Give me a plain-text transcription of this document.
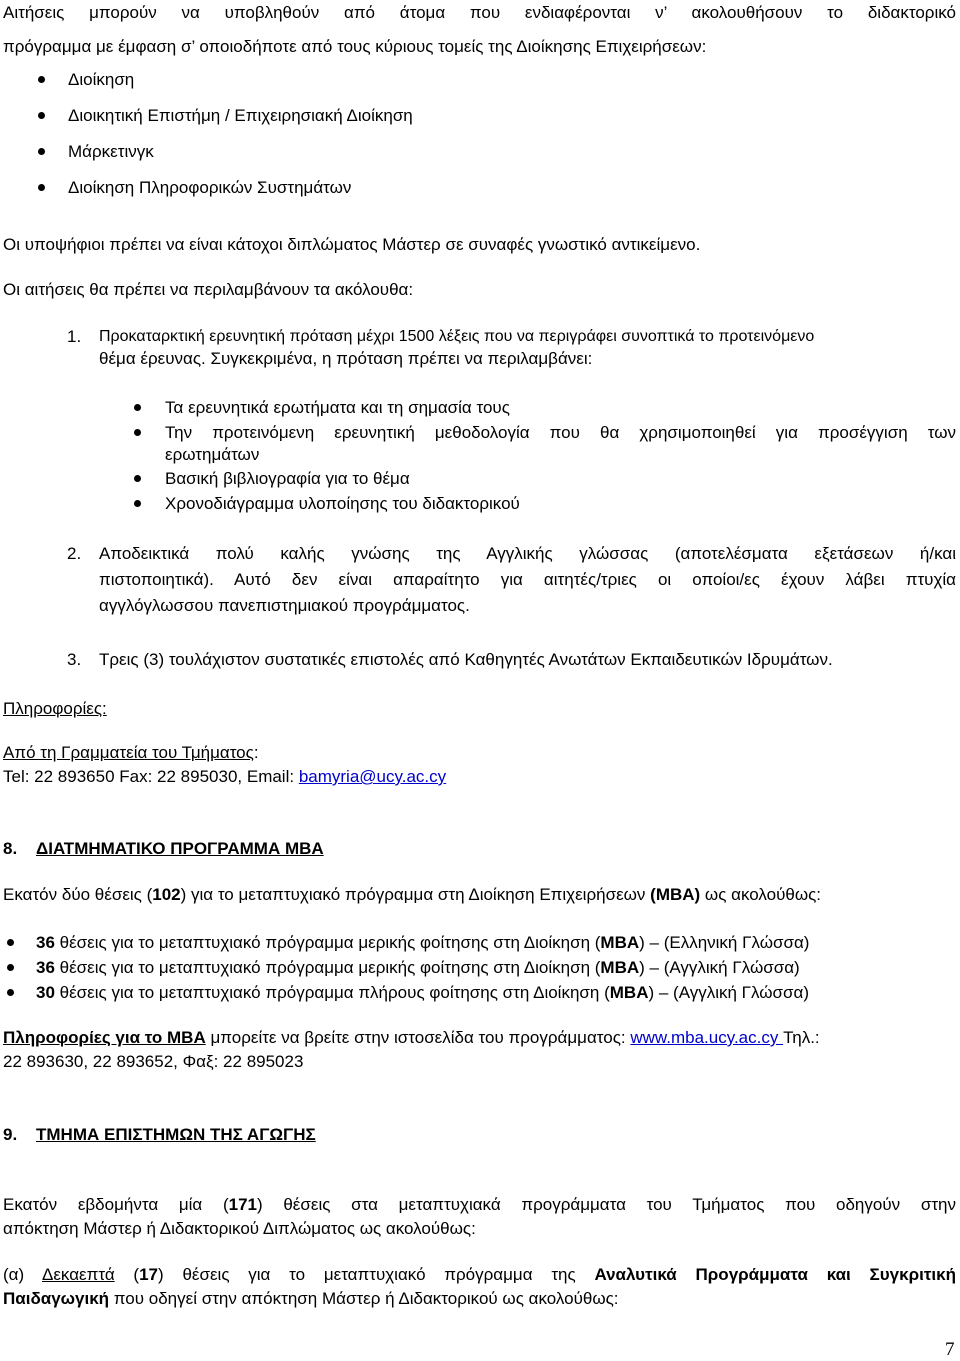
Αιτήσεις μπορούν να υποβληθούν από άτομα που ενδιαφέρονται ν’ ακολουθήσουν το διδακτορικό
πρόγραμμα με έμφαση σ’ οποιοδήποτε από τους κύριους τομείς της Διοίκησης Επιχειρήσεων:
Διοίκηση
Διοικητική Επιστήμη / Επιχειρησιακή Διοίκηση
Μάρκετινγκ
Διοίκηση Πληροφορικών Συστημάτων
Οι υποψήφιοι πρέπει να είναι κάτοχοι διπλώματος Μάστερ σε συναφές γνωστικό αντικείμενο.
Οι αιτήσεις θα πρέπει να περιλαμβάνουν τα ακόλουθα:
1. Προκαταρκτική ερευνητική πρόταση μέχρι 1500 λέξεις που να περιγράφει συνοπτικά το προτεινόμενο
θέμα έρευνας. Συγκεκριμένα, η πρόταση πρέπει να περιλαμβάνει:
Τα ερευνητικά ερωτήματα και τη σημασία τους
Την προτεινόμενη ερευνητική μεθοδολογία που θα χρησιμοποιηθεί για προσέγγιση των
ερωτημάτων
Βασική βιβλιογραφία για το θέμα
Χρονοδιάγραμμα υλοποίησης του διδακτορικού
2. Αποδεικτικά πολύ καλής γνώσης της Αγγλικής γλώσσας (αποτελέσματα εξετάσεων ή/και
πιστοποιητικά). Αυτό δεν είναι απαραίτητο για αιτητές/τριες οι οποίοι/ες έχουν λάβει πτυχία
αγγλόγλωσσου πανεπιστημιακού προγράμματος.
3. Τρεις (3) τουλάχιστον συστατικές επιστολές από Καθηγητές Ανωτάτων Εκπαιδευτικών Ιδρυμάτων.
Πληροφορίες:
Από τη Γραμματεία του Τμήματος:
Tel: 22 893650 Fax: 22 895030, Email: bamyria@ucy.ac.cy
8. ΔΙΑΤΜΗΜΑΤΙΚΟ ΠΡΟΓΡΑΜΜΑ ΜΒΑ
Εκατόν δύο θέσεις (102) για το μεταπτυχιακό πρόγραμμα στη Διοίκηση Επιχειρήσεων (ΜΒΑ) ως ακολούθως:
36 θέσεις για το μεταπτυχιακό πρόγραμμα μερικής φοίτησης στη Διοίκηση (ΜΒΑ) – (Ελληνική Γλώσσα)
36 θέσεις για το μεταπτυχιακό πρόγραμμα μερικής φοίτησης στη Διοίκηση (ΜΒΑ) – (Αγγλική Γλώσσα)
30 θέσεις για το μεταπτυχιακό πρόγραμμα πλήρους φοίτησης στη Διοίκηση (ΜΒΑ) – (Αγγλική Γλώσσα)
Πληροφορίες για το ΜΒΑ μπορείτε να βρείτε στην ιστοσελίδα του προγράμματος: www.mba.ucy.ac.cy Τηλ.:
22 893630, 22 893652, Φαξ: 22 895023
9. ΤΜΗΜΑ ΕΠΙΣΤΗΜΩΝ ΤΗΣ ΑΓΩΓΗΣ
Εκατόν εβδομήντα μία (171) θέσεις στα μεταπτυχιακά προγράμματα του Τμήματος που οδηγούν στην
απόκτηση Μάστερ ή Διδακτορικού Διπλώματος ως ακολούθως:
(α) Δεκαεπτά (17) θέσεις για το μεταπτυχιακό πρόγραμμα της Αναλυτικά Προγράμματα και Συγκριτική
Παιδαγωγική που οδηγεί στην απόκτηση Μάστερ ή Διδακτορικού ως ακολούθως:
7
